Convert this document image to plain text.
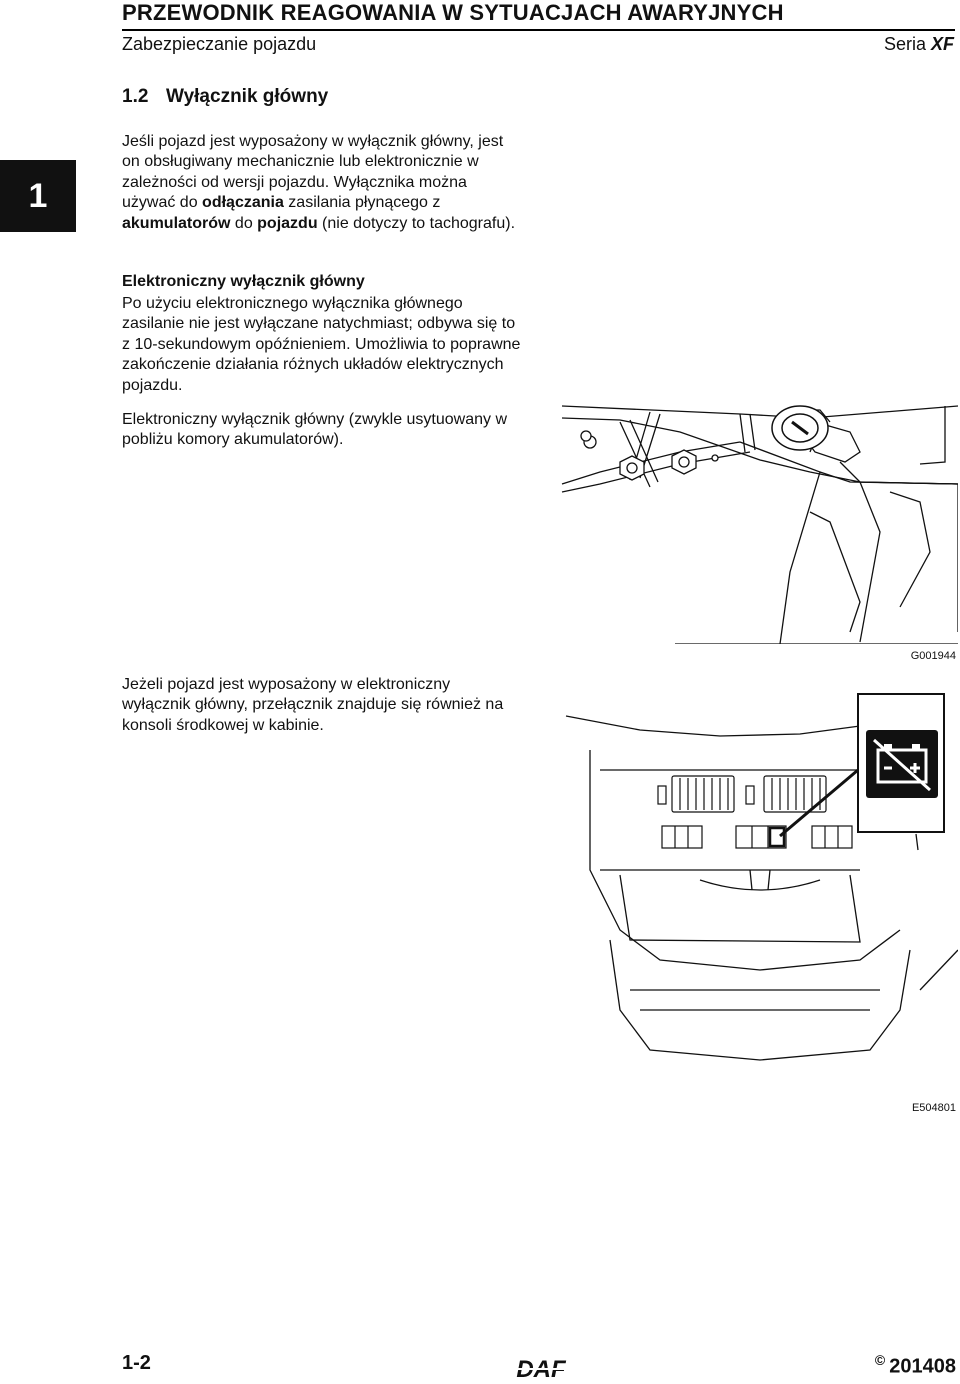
PRZEWODNIK REAGOWANIA W SYTUACJACH AWARYJNYCH
Zabezpieczanie pojazdu	Seria XF
1.2 Wyłącznik główny
1
Jeśli pojazd jest wyposażony w wyłącznik główny, jest on obsługiwany mechanicznie lub elektronicznie w zależności od wersji pojazdu. Wyłącznika można używać do odłączania zasilania płynącego z akumulatorów do pojazdu (nie dotyczy to tachografu).
Elektroniczny wyłącznik główny
Po użyciu elektronicznego wyłącznika głównego zasilanie nie jest wyłączane natychmiast; odbywa się to z 10-sekundowym opóźnieniem. Umożliwia to poprawne zakończenie działania różnych układów elektrycznych pojazdu.
Elektroniczny wyłącznik główny (zwykle usytuowany w pobliżu komory akumulatorów).
G001944
Jeżeli pojazd jest wyposażony w elektroniczny wyłącznik główny, przełącznik znajduje się również na konsoli środkowej w kabinie.
E504801
1-2	DAF	© 201408
